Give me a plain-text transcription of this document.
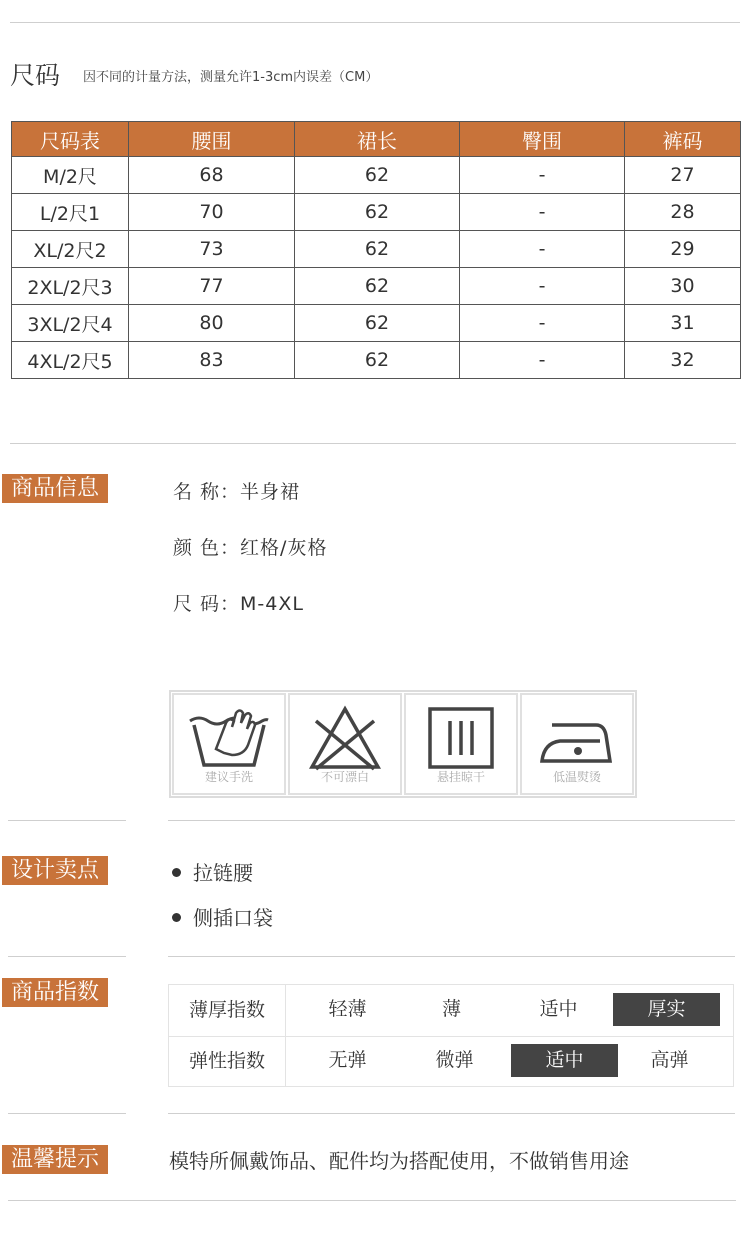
尺码 因不同的计量方法，测量允许1-3cm内误差（CM）
尺码表	腰围	裙长	臀围	裤码
M/2尺	68	62	-	27
L/2尺1	70	62	-	28
XL/2尺2	73	62	-	29
2XL/2尺3	77	62	-	30
3XL/2尺4	80	62	-	31
4XL/2尺5	83	62	-	32
商品信息	名 称：半身裙
颜 色：红格/灰格
尺 码：M-4XL
建议手洗	不可漂白	悬挂晾干	低温熨烫
设计卖点	拉链腰
侧插口袋
商品指数
薄厚指数	轻薄	薄	适中	厚实
弹性指数	无弹	微弹	适中	高弹
温馨提示	模特所佩戴饰品、配件均为搭配使用，不做销售用途
